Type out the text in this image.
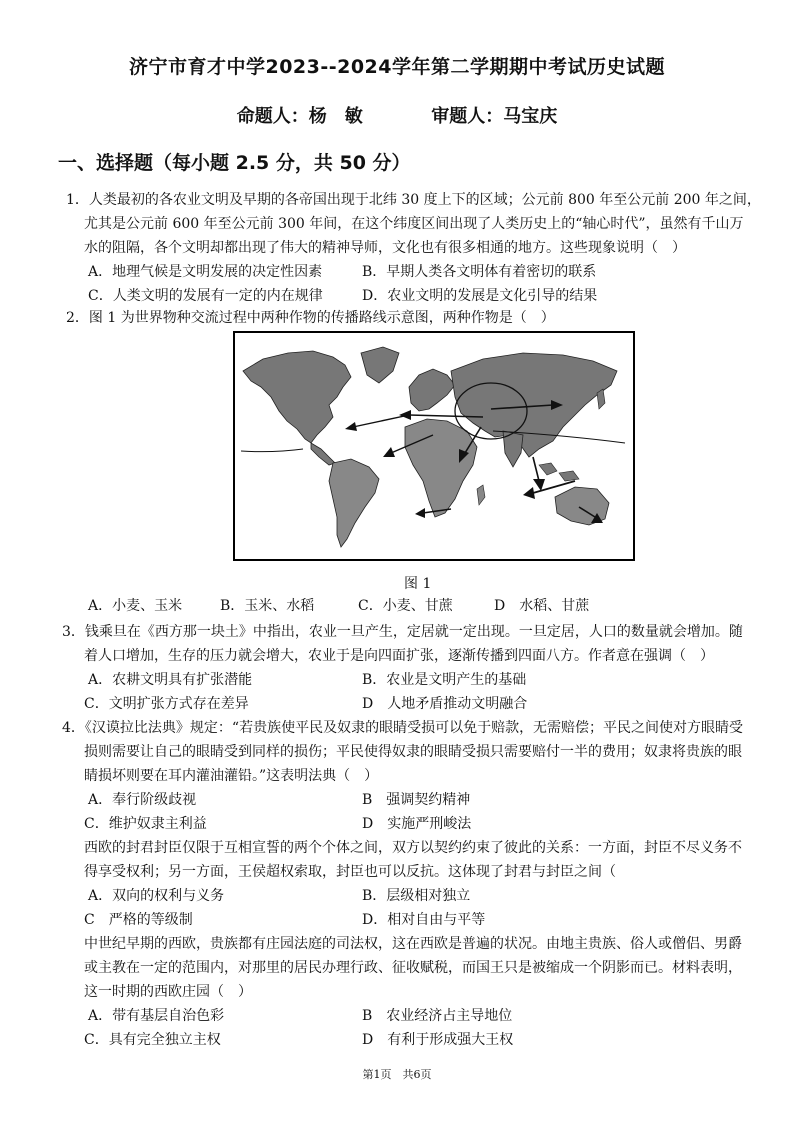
济宁市育才中学2023--2024学年第二学期期中考试历史试题
命题人：杨　敏	审题人：马宝庆
一、选择题（每小题 2.5 分，共 50 分）
1．人类最初的各农业文明及早期的各帝国出现于北纬 30 度上下的区域；公元前 800 年至公元前 200 年之间，
尤其是公元前 600 年至公元前 300 年间，在这个纬度区间出现了人类历史上的“轴心时代”，虽然有千山万
水的阻隔，各个文明却都出现了伟大的精神导师，文化也有很多相通的地方。这些现象说明（　）
A．地理气候是文明发展的决定性因素	B．早期人类各文明体有着密切的联系
C．人类文明的发展有一定的内在规律	D．农业文明的发展是文化引导的结果
2．图 1 为世界物种交流过程中两种作物的传播路线示意图，两种作物是（　）
图 1
A．小麦、玉米	B．玉米、水稻	C．小麦、甘蔗	D　水稻、甘蔗
3．钱乘旦在《西方那一块土》中指出，农业一旦产生，定居就一定出现。一旦定居，人口的数量就会增加。随
着人口增加，生存的压力就会增大，农业于是向四面扩张，逐渐传播到四面八方。作者意在强调（　）
A．农耕文明具有扩张潜能	B．农业是文明产生的基础
C．文明扩张方式存在差异	D　人地矛盾推动文明融合
4．《汉谟拉比法典》规定：“若贵族使平民及奴隶的眼睛受损可以免于赔款，无需赔偿；平民之间使对方眼睛受
损则需要让自己的眼睛受到同样的损伤；平民使得奴隶的眼睛受损只需要赔付一半的费用；奴隶将贵族的眼
睛损坏则要在耳内灌油灌铅。”这表明法典（　）
A．奉行阶级歧视	B　强调契约精神
C．维护奴隶主利益	D　实施严刑峻法
西欧的封君封臣仅限于互相宣誓的两个个体之间，双方以契约约束了彼此的关系：一方面，封臣不尽义务不
得享受权利；另一方面，王侯超权索取，封臣也可以反抗。这体现了封君与封臣之间（
A．双向的权利与义务	B．层级相对独立
C　严格的等级制	D．相对自由与平等
中世纪早期的西欧，贵族都有庄园法庭的司法权，这在西欧是普遍的状况。由地主贵族、俗人或僧侣、男爵
或主教在一定的范围内，对那里的居民办理行政、征收赋税，而国王只是被缩成一个阴影而已。材料表明，
这一时期的西欧庄园（　）
A．带有基层自治色彩	B　农业经济占主导地位
C．具有完全独立主权	D　有利于形成强大王权
第1页　共6页
